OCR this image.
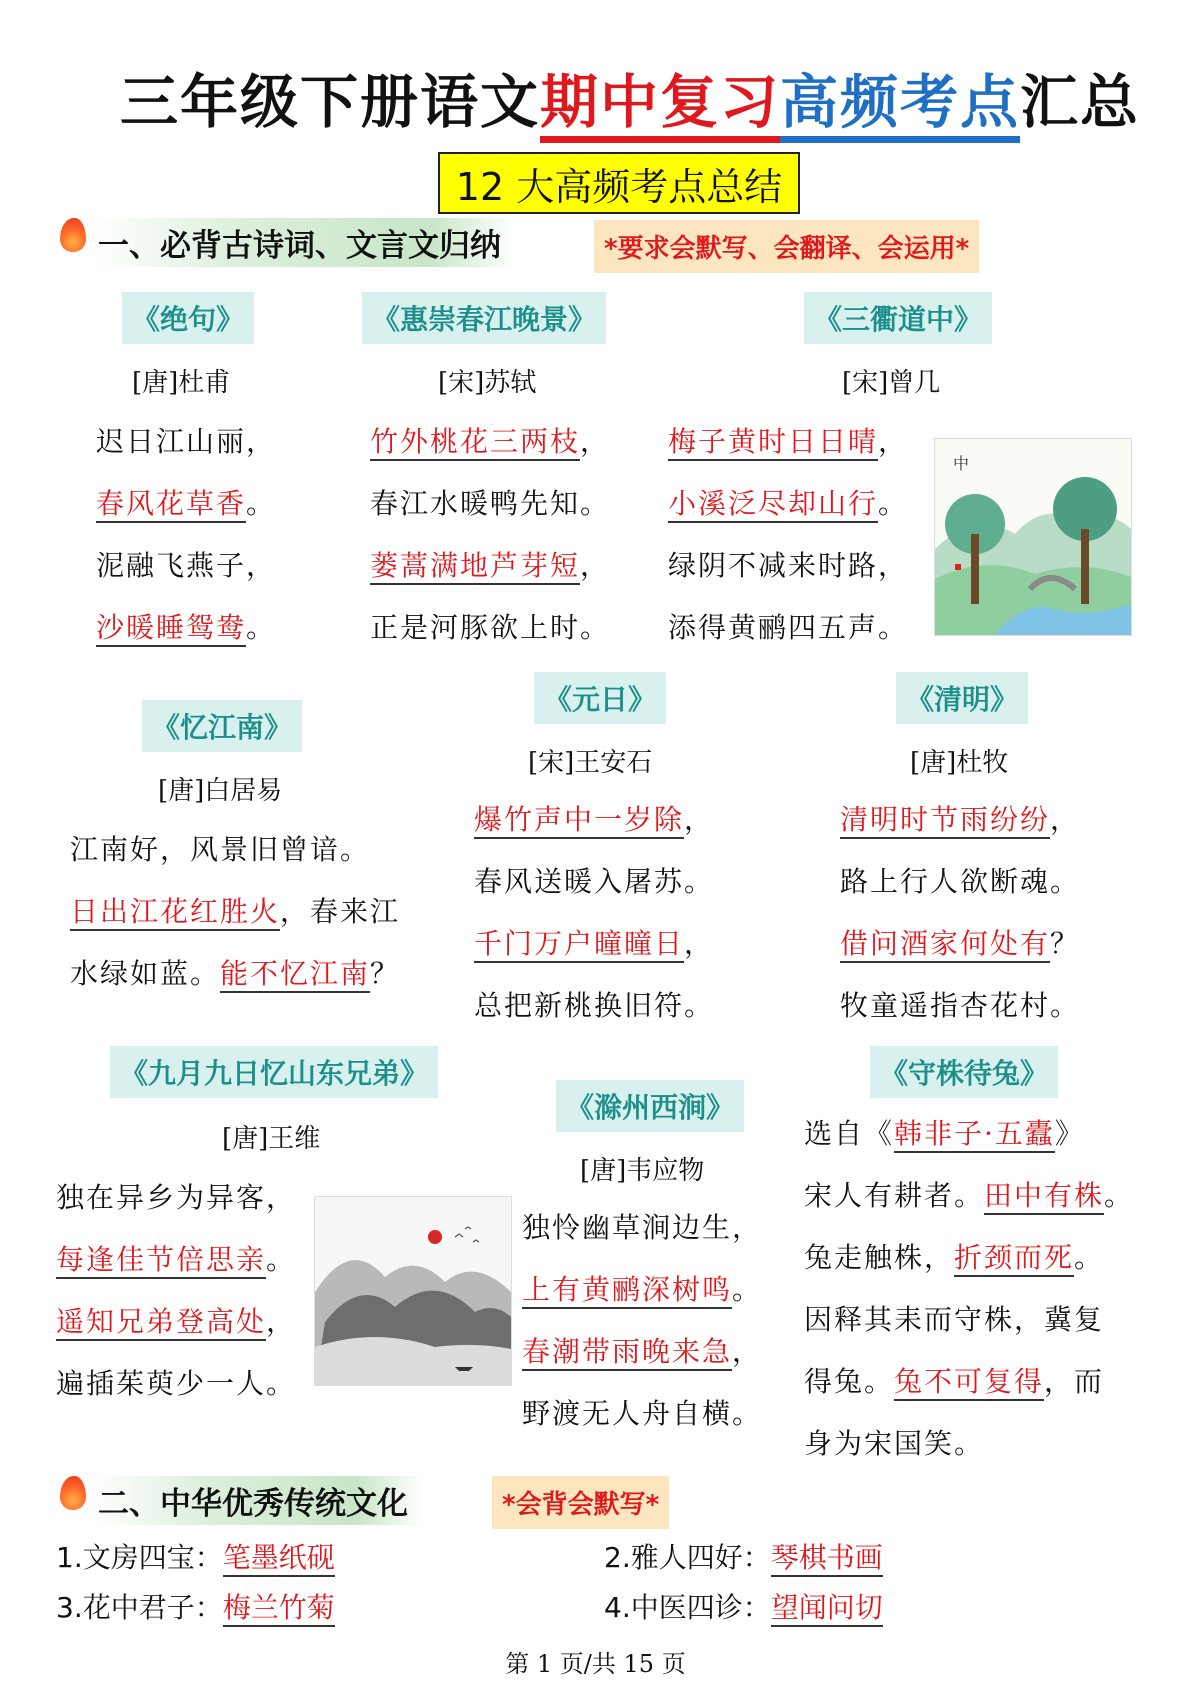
三年级下册语文期中复习高频考点汇总
12 大高频考点总结
一、必背古诗词、文言文归纳	*要求会默写、会翻译、会运用*
《绝句》
[唐]杜甫
迟日江山丽，
春风花草香。
泥融飞燕子，
沙暖睡鸳鸯。
《惠崇春江晚景》
[宋]苏轼
竹外桃花三两枝，
春江水暖鸭先知。
蒌蒿满地芦芽短，
正是河豚欲上时。
《三衢道中》
[宋]曾几
梅子黄时日日晴，
小溪泛尽却山行。
绿阴不减来时路，
添得黄鹂四五声。
中
《忆江南》
[唐]白居易
江南好，风景旧曾谙。
日出江花红胜火，春来江
水绿如蓝。能不忆江南？
《元日》
[宋]王安石
爆竹声中一岁除，
春风送暖入屠苏。
千门万户曈曈日，
总把新桃换旧符。
《清明》
[唐]杜牧
清明时节雨纷纷，
路上行人欲断魂。
借问酒家何处有？
牧童遥指杏花村。
《九月九日忆山东兄弟》
[唐]王维
独在异乡为异客，
每逢佳节倍思亲。
遥知兄弟登高处，
遍插茱萸少一人。
《滁州西涧》
[唐]韦应物
独怜幽草涧边生，
上有黄鹂深树鸣。
春潮带雨晚来急，
野渡无人舟自横。
《守株待兔》
选自《韩非子·五蠹》
宋人有耕者。田中有株。
兔走触株，折颈而死。
因释其耒而守株，冀复
得兔。兔不可复得，而
身为宋国笑。
二、中华优秀传统文化	*会背会默写*
1.文房四宝：笔墨纸砚	2.雅人四好：琴棋书画
3.花中君子：梅兰竹菊	4.中医四诊：望闻问切
第 1 页/共 15 页
